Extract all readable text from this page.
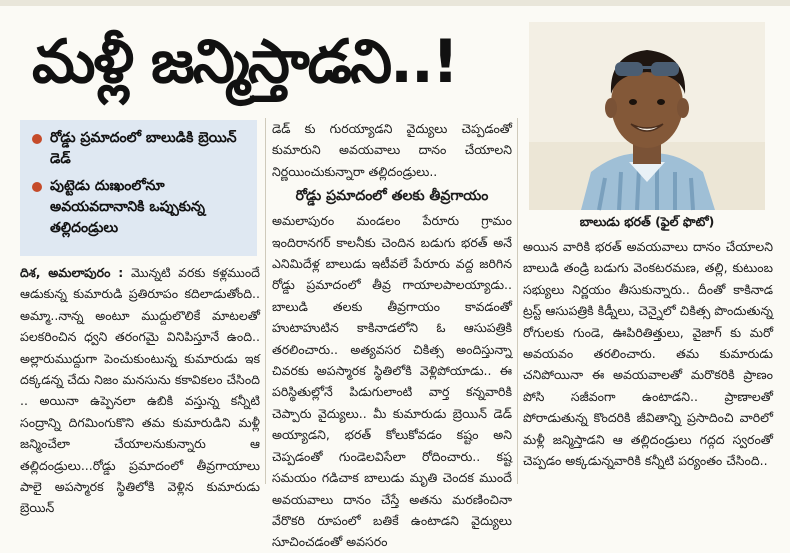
మళ్లీ జన్మిస్తాడని..!
రోడ్డు ప్రమాదంలో బాలుడికి బ్రెయిన్ డెడ్
పుట్టెడు దుఃఖంలోనూ అవయవదానానికి ఒప్పుకున్న తల్లిదండ్రులు
దిశ, అమలాపురం : మొన్నటి వరకు కళ్లముందే ఆడుకున్న కుమారుడి ప్రతిరూపం కదిలాడుతోంది.. అమ్మా..నాన్న అంటూ ముద్దులొలికే మాటలతో పలకరించిన ధ్వని తరంగమై వినిపిస్తూనే ఉంది.. అల్లారుముద్దుగా పెంచుకుంటున్న కుమారుడు ఇక దక్కడన్న చేదు నిజం మనసును కకావికలం చేసింది .. అయినా ఉప్పెనలా ఉబికి వస్తున్న కన్నీటి సంద్రాన్ని దిగమింగుకొని తమ కుమారుడిని మళ్లీ జన్మించేలా చేయాలనుకున్నారు ఆ తల్లిదండ్రులు...రోడ్డు ప్రమాదంలో తీవ్రగాయాలు పాలై అపస్మారక స్థితిలోకి వెళ్లిన కుమారుడు బ్రెయిన్

డెడ్ కు గురయ్యాడని వైద్యులు చెప్పడంతో కుమారుని అవయవాలు దానం చేయాలని నిర్ణయించుకున్నారా తల్లిదండ్రులు..

రోడ్డు ప్రమాదంలో తలకు తీవ్రగాయం

అమలాపురం మండలం పేరూరు గ్రామం ఇందిరానగర్ కాలనీకు చెందిన బడుగు భరత్ అనే ఎనిమిదేళ్ల బాలుడు ఇటీవలే పేరూరు వద్ద జరిగిన రోడ్డు ప్రమాదంలో తీవ్ర గాయాలపాలయ్యాడు.. బాలుడి తలకు తీవ్రగాయం కావడంతో హుటాహుటిన కాకినాడలోని ఓ ఆసుపత్రికి తరలించారు.. అత్యవసర చికిత్స అందిస్తున్నా చివరకు అపస్మారక స్థితిలోకి వెళ్లిపోయాడు.. ఈ పరిస్థితుల్లోనే పిడుగులాంటి వార్త కన్నవారికి చెప్పారు వైద్యులు.. మీ కుమారుడు బ్రెయిన్ డెడ్ అయ్యాడని, భరత్ కోలుకోవడం కష్టం అని చెప్పడంతో గుండెలవిసేలా రోదించారు.. కష్ట సమయం గడిచాక బాలుడు మృతి చెందక ముందే అవయవాలు దానం చేస్తే అతను మరణించినా వేరొకరి రూపంలో బతికే ఉంటాడని వైద్యులు సూచించడంతో అవసరం

బాలుడు భరత్ (ఫైల్ ఫొటో)

అయిన వారికి భరత్ అవయవాలు దానం చేయాలని బాలుడి తండ్రి బడుగు వెంకటరమణ, తల్లి, కుటుంబ సభ్యులు నిర్ణయం తీసుకున్నారు.. దీంతో కాకినాడ ట్రస్ట్ ఆసుపత్రికి కిడ్నీలు, చెన్నైలో చికిత్స పొందుతున్న రోగులకు గుండె, ఊపిరితిత్తులు, వైజాగ్ కు మరో అవయవం తరలించారు. తమ కుమారుడు చనిపోయినా ఈ అవయవాలతో మరొకరికి ప్రాణం పోసి సజీవంగా ఉంటాడని.. ప్రాణాలతో పోరాడుతున్న కొందరికి జీవితాన్ని ప్రసాదించి వారిలో మళ్లీ జన్మిస్తాడని ఆ తల్లిదండ్రులు గద్గద స్వరంతో చెప్పడం అక్కడున్నవారికి కన్నీటి పర్యంతం చేసింది..
